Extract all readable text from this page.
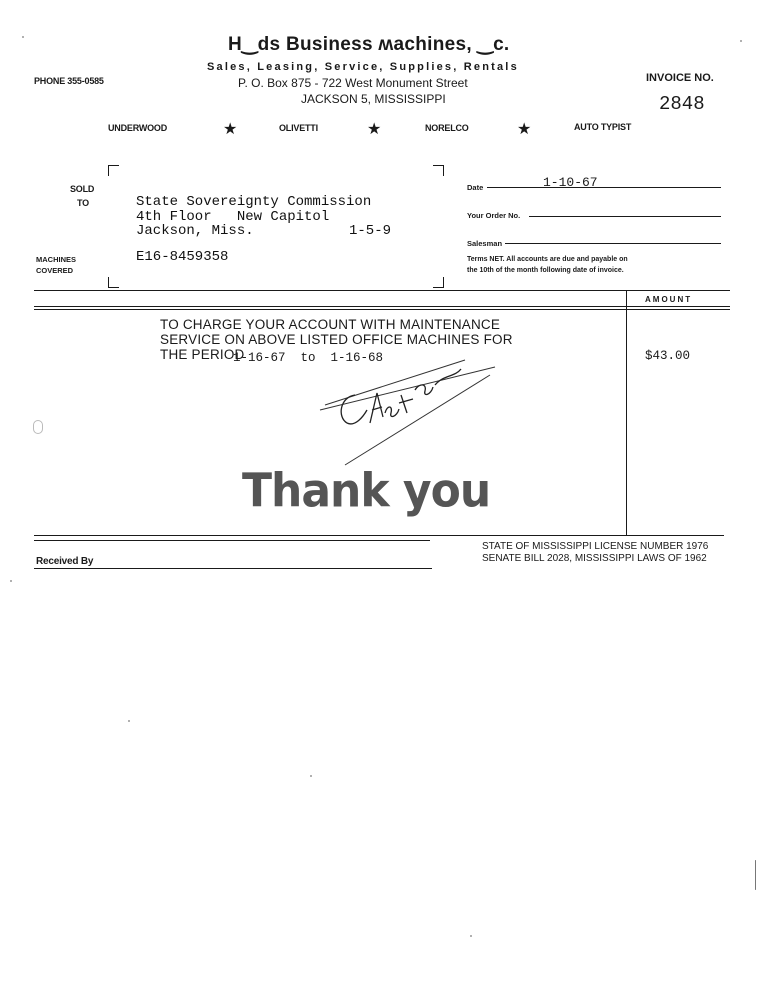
H‿ds Business ʍachines, ‿c.
Sales, Leasing, Service, Supplies, Rentals
P. O. Box 875 - 722 West Monument Street
JACKSON 5, MISSISSIPPI
PHONE 355-0585	INVOICE NO.
2848
UNDERWOOD	★	OLIVETTI	★	NORELCO	★	AUTO TYPIST
SOLD
TO	State Sovereignty Commission
4th Floor   New Capitol
Jackson, Miss.	1-5-9
MACHINES
COVERED
E16-8459358
Date	1-10-67
Your Order No.
Salesman
Terms NET. All accounts are due and payable on
the 10th of the month following date of invoice.
AMOUNT
TO CHARGE YOUR ACCOUNT WITH MAINTENANCE
SERVICE ON ABOVE LISTED OFFICE MACHINES FOR
THE PERIOD
1-16-67  to  1-16-68	$43.00
Thank you
Received By
STATE OF MISSISSIPPI LICENSE NUMBER 1976
SENATE BILL 2028, MISSISSIPPI LAWS OF 1962
